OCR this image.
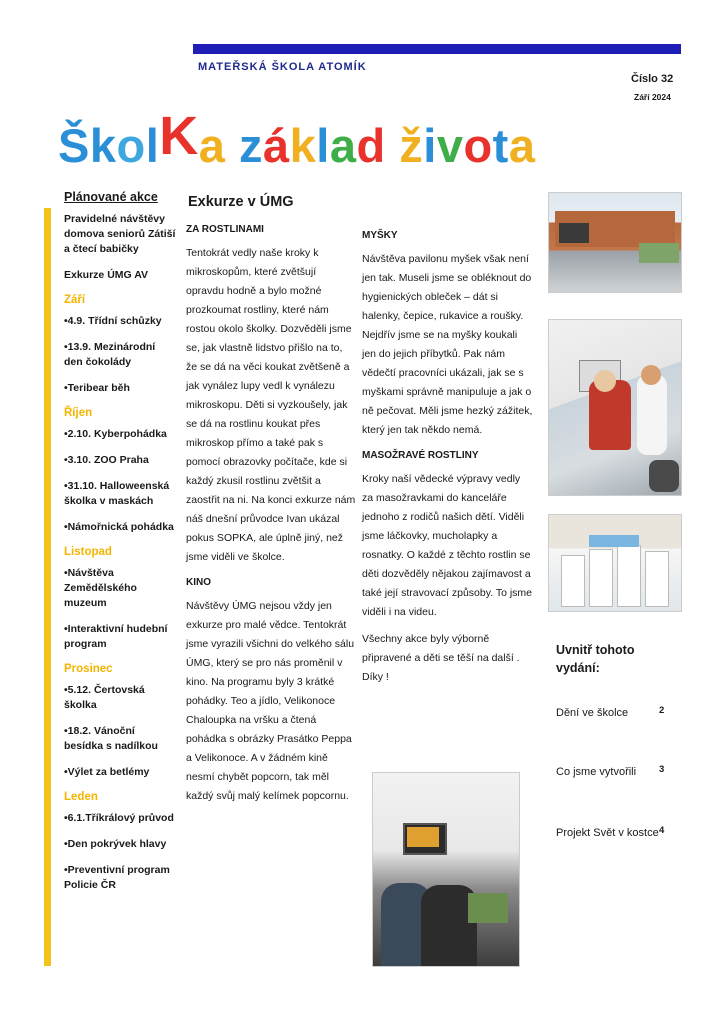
MATEŘSKÁ ŠKOLA ATOMÍK
Číslo 32
Září 2024
ŠkolKa základ života
Plánované akce
Pravidelné návštěvy domova seniorů Zátiší a čtecí babičky
Exkurze ÚMG AV
Září
•4.9. Třídní schůzky
•13.9. Mezinárodní den čokolády
•Teribear běh
Říjen
•2.10. Kyberpohádka
•3.10. ZOO Praha
•31.10. Halloweenská školka v maskách
•Námořnická pohádka
Listopad
•Návštěva Zemědělského muzeum
•Interaktivní hudební program
Prosinec
•5.12. Čertovská školka
•18.2. Vánoční besídka s nadílkou
•Výlet za betlémy
Leden
•6.1.Tříkrálový průvod
•Den pokrývek hlavy
•Preventivní program Policie ČR
Exkurze v ÚMG
ZA ROSTLINAMI
Tentokrát vedly naše kroky k mikroskopům, které zvětšují opravdu hodně a bylo možné prozkoumat rostliny, které nám rostou okolo školky. Dozvěděli jsme se, jak vlastně lidstvo přišlo na to, že se dá na věci koukat zvětšeně a jak vynález lupy vedl k vynálezu mikroskopu. Děti si vyzkoušely, jak se dá na rostlinu koukat přes mikroskop přímo a také pak s pomocí obrazovky počítače, kde si každý zkusil rostlinu zvětšit a zaostřit na ni. Na konci exkurze nám náš dnešní průvodce Ivan ukázal pokus SOPKA, ale úplně jiný, než jsme viděli ve školce.
KINO
Návštěvy ÚMG nejsou vždy jen exkurze pro malé vědce. Tentokrát jsme vyrazili všichni do velkého sálu ÚMG, který se pro nás proměnil v kino. Na programu byly 3 krátké pohádky. Teo a jídlo, Velikonoce Chaloupka na vršku a čtená pohádka s obrázky Prasátko Peppa a Velikonoce. A v žádném kině nesmí chybět popcorn, tak měl každý svůj malý kelímek popcornu.
MYŠKY
Návštěva pavilonu myšek však není jen tak. Museli jsme se obléknout do hygienických obleček – dát si halenky, čepice, rukavice a roušky. Nejdřív jsme se na myšky koukali jen do jejich příbytků. Pak nám vědečtí pracovníci ukázali, jak se s myškami správně manipuluje a jak o ně pečovat. Měli jsme hezký zážitek, který jen tak někdo nemá.
MASOŽRAVÉ ROSTLINY
Kroky naší vědecké výpravy vedly za masožravkami do kanceláře jednoho z rodičů našich dětí. Viděli jsme láčkovky, mucholapky a rosnatky. O každé z těchto rostlin se děti dozvěděly nějakou zajímavost a také její stravovací způsoby. To jsme viděli i na videu.
Všechny akce byly výborně připravené a děti se těší na další . Díky !
Uvnitř tohoto vydání:
Dění ve školce	2
Co jsme vytvořili	3
Projekt Svět v kostce 4
